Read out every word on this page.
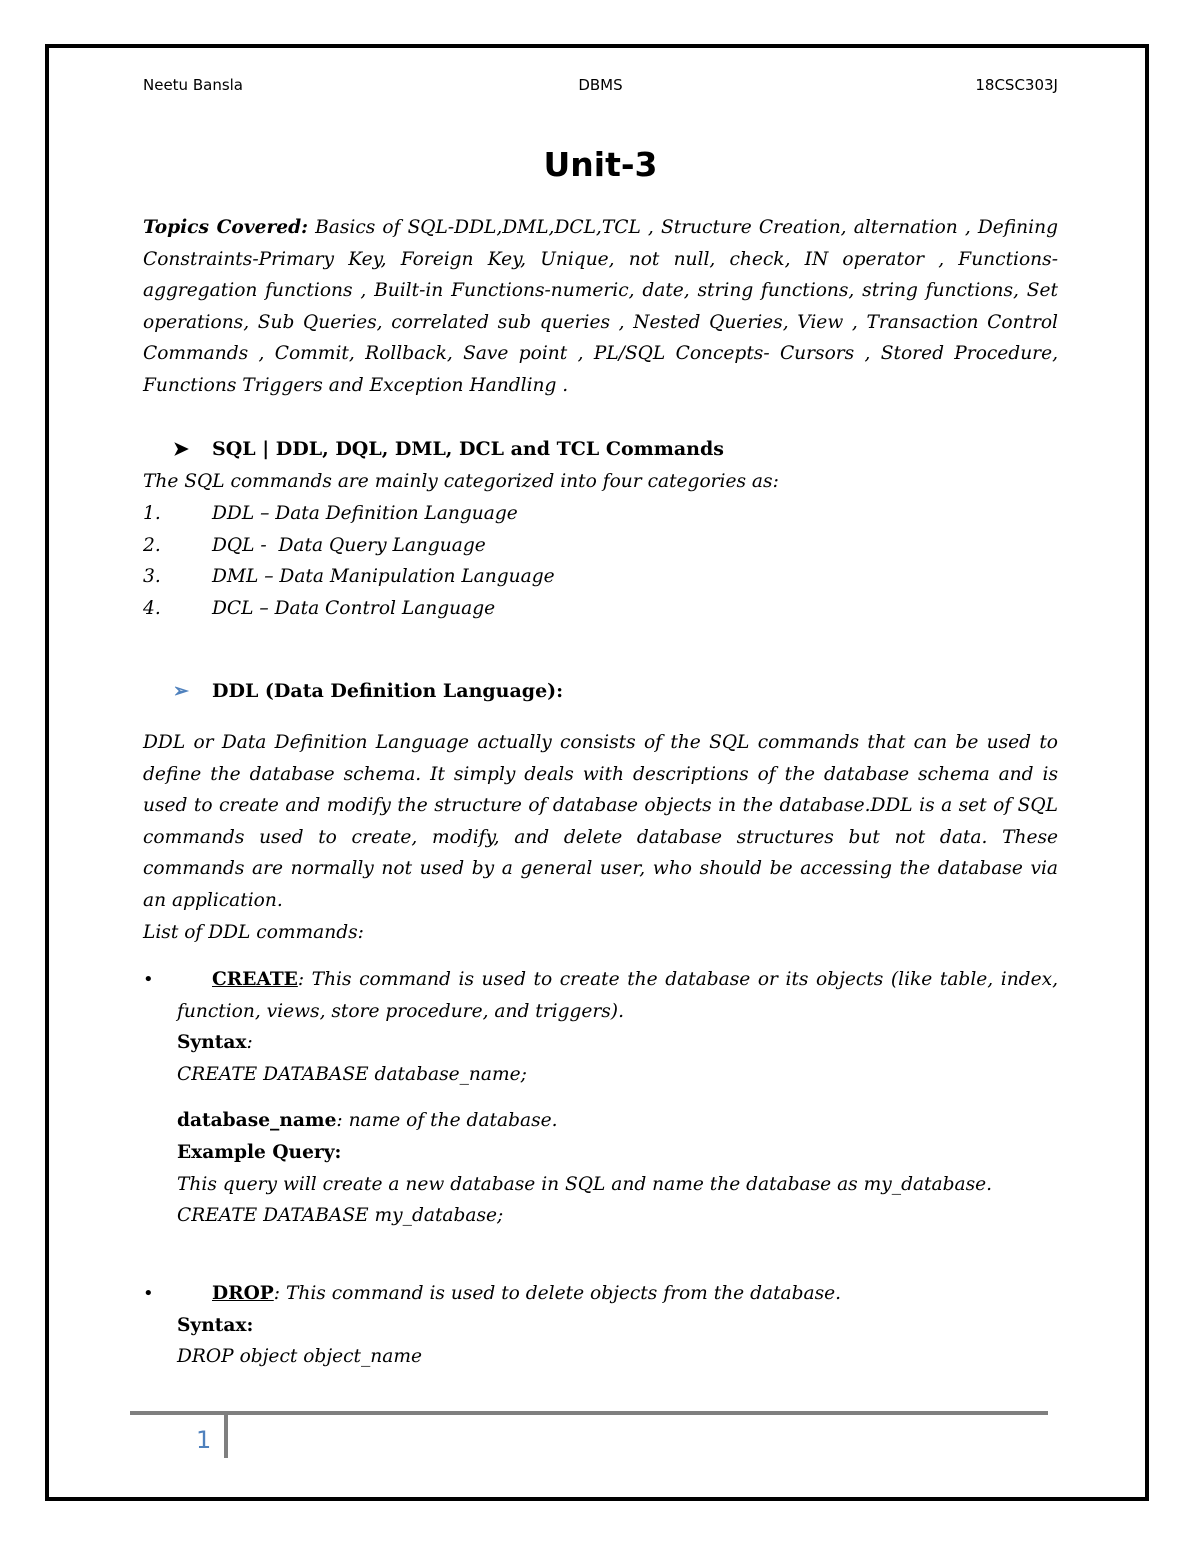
Neetu Bansla	DBMS	18CSC303J
Unit-3
Topics Covered: Basics of SQL-DDL,DML,DCL,TCL , Structure Creation, alternation , Defining Constraints-Primary Key, Foreign Key, Unique, not null, check, IN operator , Functions-aggregation functions , Built-in Functions-numeric, date, string functions, string functions, Set operations, Sub Queries, correlated sub queries , Nested Queries, View , Transaction Control Commands , Commit, Rollback, Save point , PL/SQL Concepts- Cursors , Stored Procedure, Functions Triggers and Exception Handling .
➤ SQL | DDL, DQL, DML, DCL and TCL Commands
The SQL commands are mainly categorized into four categories as:
1.	DDL – Data Definition Language
2.	DQL -  Data Query Language
3.	DML – Data Manipulation Language
4.	DCL – Data Control Language
➢ DDL (Data Definition Language):
DDL or Data Definition Language actually consists of the SQL commands that can be used to define the database schema. It simply deals with descriptions of the database schema and is used to create and modify the structure of database objects in the database.DDL is a set of SQL commands used to create, modify, and delete database structures but not data. These commands are normally not used by a general user, who should be accessing the database via an application.
List of DDL commands:
•	CREATE: This command is used to create the database or its objects (like table, index, function, views, store procedure, and triggers).
Syntax:
CREATE DATABASE database_name;
database_name: name of the database.
Example Query:
This query will create a new database in SQL and name the database as my_database.
CREATE DATABASE my_database;
•	DROP: This command is used to delete objects from the database.
Syntax:
DROP object object_name
1
